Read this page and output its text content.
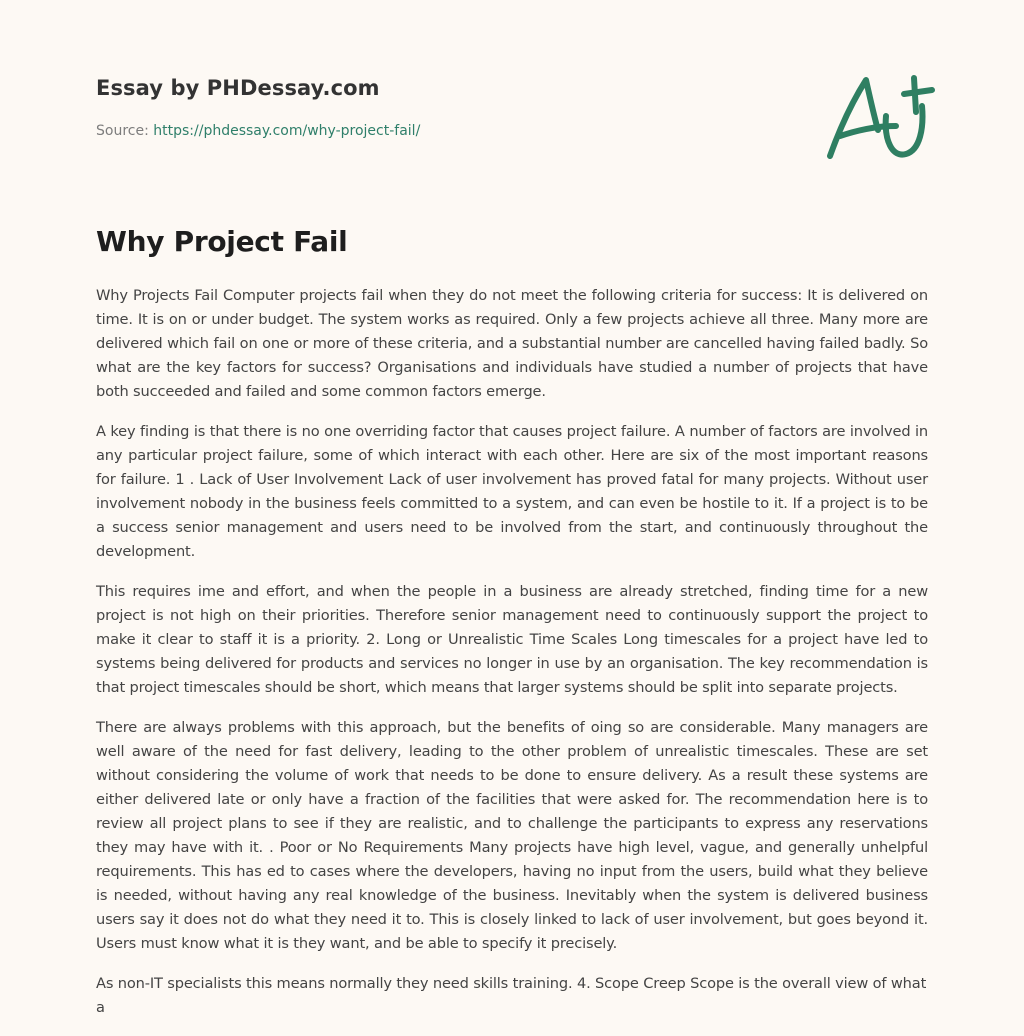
Essay by PHDessay.com
Source: https://phdessay.com/why-project-fail/
Why Project Fail

Why Projects Fail Computer projects fail when they do not meet the following criteria for success: It is delivered on time. It is on or under budget. The system works as required. Only a few projects achieve all three. Many more are delivered which fail on one or more of these criteria, and a substantial number are cancelled having failed badly. So what are the key factors for success? Organisations and individuals have studied a number of projects that have both succeeded and failed and some common factors emerge.

A key finding is that there is no one overriding factor that causes project failure. A number of factors are involved in any particular project failure, some of which interact with each other. Here are six of the most important reasons for failure. 1 . Lack of User Involvement Lack of user involvement has proved fatal for many projects. Without user involvement nobody in the business feels committed to a system, and can even be hostile to it. If a project is to be a success senior management and users need to be involved from the start, and continuously throughout the development.

This requires ime and effort, and when the people in a business are already stretched, finding time for a new project is not high on their priorities. Therefore senior management need to continuously support the project to make it clear to staff it is a priority. 2. Long or Unrealistic Time Scales Long timescales for a project have led to systems being delivered for products and services no longer in use by an organisation. The key recommendation is that project timescales should be short, which means that larger systems should be split into separate projects.

There are always problems with this approach, but the benefits of oing so are considerable. Many managers are well aware of the need for fast delivery, leading to the other problem of unrealistic timescales. These are set without considering the volume of work that needs to be done to ensure delivery. As a result these systems are either delivered late or only have a fraction of the facilities that were asked for. The recommendation here is to review all project plans to see if they are realistic, and to challenge the participants to express any reservations they may have with it. . Poor or No Requirements Many projects have high level, vague, and generally unhelpful requirements. This has ed to cases where the developers, having no input from the users, build what they believe is needed, without having any real knowledge of the business. Inevitably when the system is delivered business users say it does not do what they need it to. This is closely linked to lack of user involvement, but goes beyond it. Users must know what it is they want, and be able to specify it precisely.

As non-IT specialists this means normally they need skills training. 4. Scope Creep Scope is the overall view of what a
